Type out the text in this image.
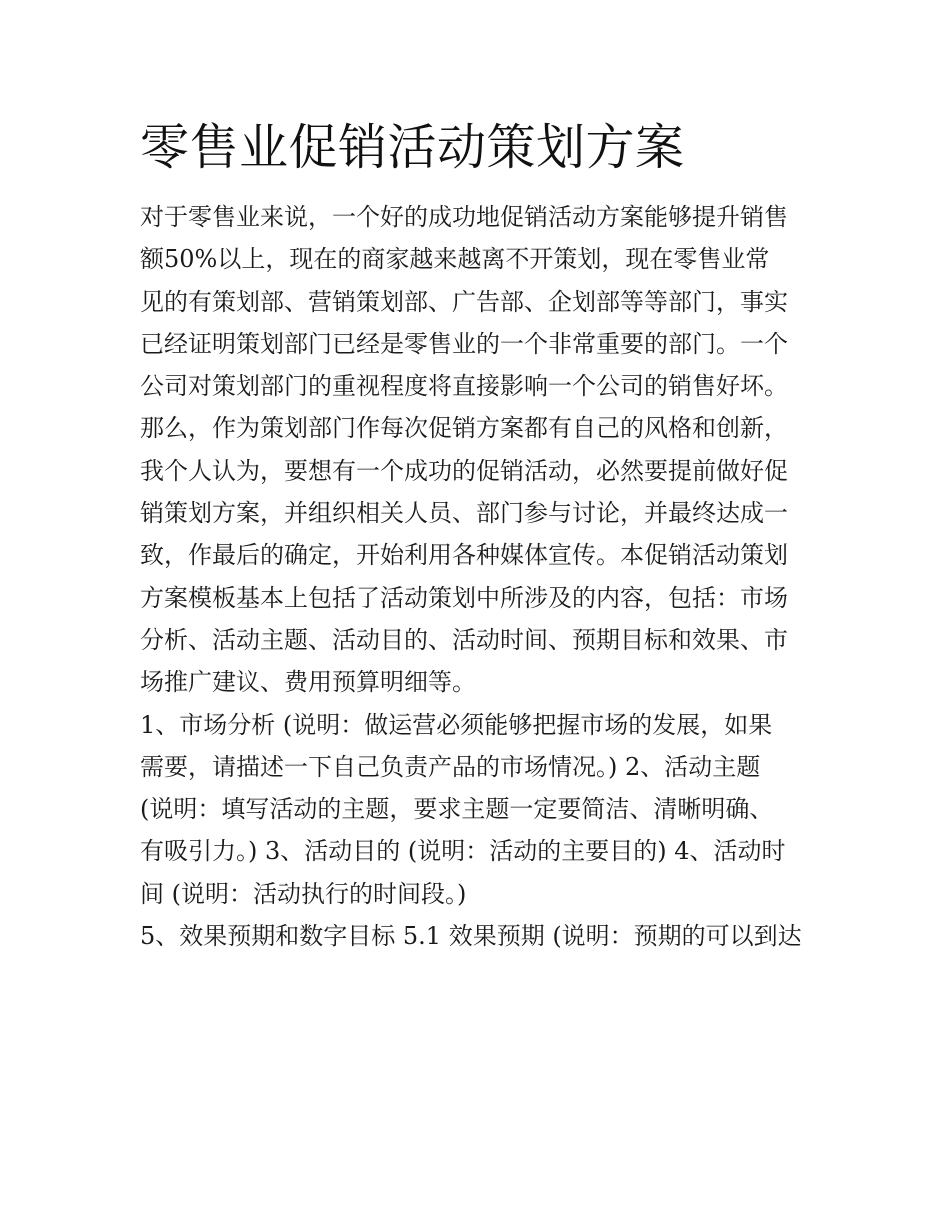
零售业促销活动策划方案

对于零售业来说，一个好的成功地促销活动方案能够提升销售
额50%以上，现在的商家越来越离不开策划，现在零售业常
见的有策划部、营销策划部、广告部、企划部等等部门，事实
已经证明策划部门已经是零售业的一个非常重要的部门。一个
公司对策划部门的重视程度将直接影响一个公司的销售好坏。
那么，作为策划部门作每次促销方案都有自己的风格和创新，
我个人认为，要想有一个成功的促销活动，必然要提前做好促
销策划方案，并组织相关人员、部门参与讨论，并最终达成一
致，作最后的确定，开始利用各种媒体宣传。本促销活动策划
方案模板基本上包括了活动策划中所涉及的内容，包括：市场
分析、活动主题、活动目的、活动时间、预期目标和效果、市
场推广建议、费用预算明细等。

1、市场分析 (说明：做运营必须能够把握市场的发展，如果
需要，请描述一下自己负责产品的市场情况。) 2、活动主题
(说明：填写活动的主题，要求主题一定要简洁、清晰明确、
有吸引力。) 3、活动目的 (说明：活动的主要目的) 4、活动时
间 (说明：活动执行的时间段。)

5、效果预期和数字目标 5.1 效果预期 (说明：预期的可以到达
